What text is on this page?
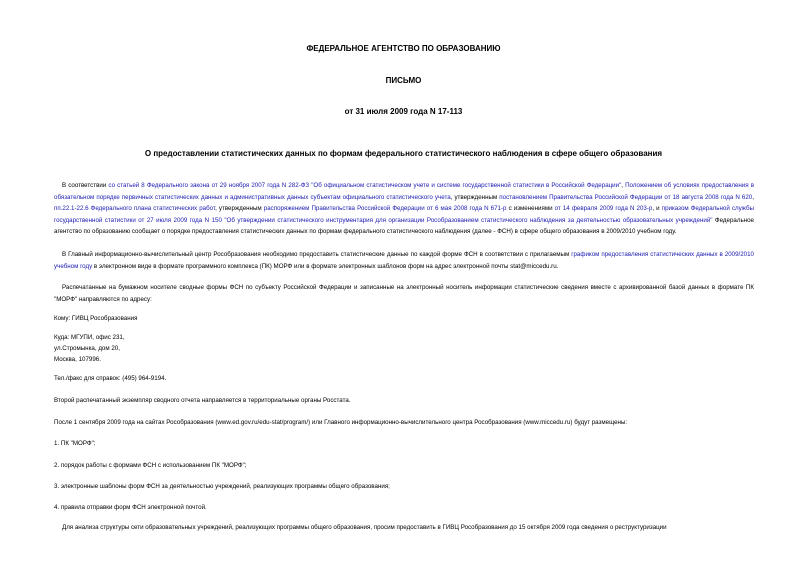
ФЕДЕРАЛЬНОЕ АГЕНТСТВО ПО ОБРАЗОВАНИЮ
ПИСЬМО
от 31 июля 2009 года N 17-113
О предоставлении статистических данных по формам федерального статистического наблюдения в сфере общего образования
В соответствии со статьей 8 Федерального закона от 29 ноября 2007 года N 282-ФЗ "Об официальном статистическом учете и системе государственной статистики в Российской Федерации", Положением об условиях предоставления в обязательном порядке первичных статистических данных и административных данных субъектам официального статистического учета, утвержденным постановлением Правительства Российской Федерации от 18 августа 2008 года N 620, пп.22.1-22.6 Федерального плана статистических работ, утвержденным распоряжением Правительства Российской Федерации от 6 мая 2008 года N 671-р с изменениями от 14 февраля 2009 года N 203-р, и приказом Федеральной службы государственной статистики от 27 июля 2009 года N 150 "Об утверждении статистического инструментария для организации Рособразованием статистического наблюдения за деятельностью образовательных учреждений" Федеральное агентство по образованию сообщает о порядке предоставления статистических данных по формам федерального статистического наблюдения (далее - ФСН) в сфере общего образования в 2009/2010 учебном году.
В Главный информационно-вычислительный центр Рособразования необходимо предоставить статистические данные по каждой форме ФСН в соответствии с прилагаемым графиком предоставления статистических данных в 2009/2010 учебном году в электронном виде в формате программного комплекса (ПК) МОРФ или в формате электронных шаблонов форм на адрес электронной почты stat@miccedu.ru.
Распечатанные на бумажном носителе сводные формы ФСН по субъекту Российской Федерации и записанные на электронный носитель информации статистические сведения вместе с архивированной базой данных в формате ПК "МОРФ" направляются по адресу:
Кому: ГИВЦ Рособразования
Куда: МГУПИ, офис 231,
ул.Стромынка, дом 20,
Москва, 107996.
Тел./факс для справок: (495) 964-9194.
Второй распечатанный экземпляр сводного отчета направляется в территориальные органы Росстата.
После 1 сентября 2009 года на сайтах Рособразования (www.ed.gov.ru/edu-stat/program/) или Главного информационно-вычислительного центра Рособразования (www.miccedu.ru) будут размещены:
1. ПК "МОРФ";
2. порядок работы с формами ФСН с использованием ПК "МОРФ";
3. электронные шаблоны форм ФСН за деятельностью учреждений, реализующих программы общего образования;
4. правила отправки форм ФСН электронной почтой.
Для анализа структуры сети образовательных учреждений, реализующих программы общего образования, просим предоставить в ГИВЦ Рособразования до 15 октября 2009 года сведения о реструктуризации
